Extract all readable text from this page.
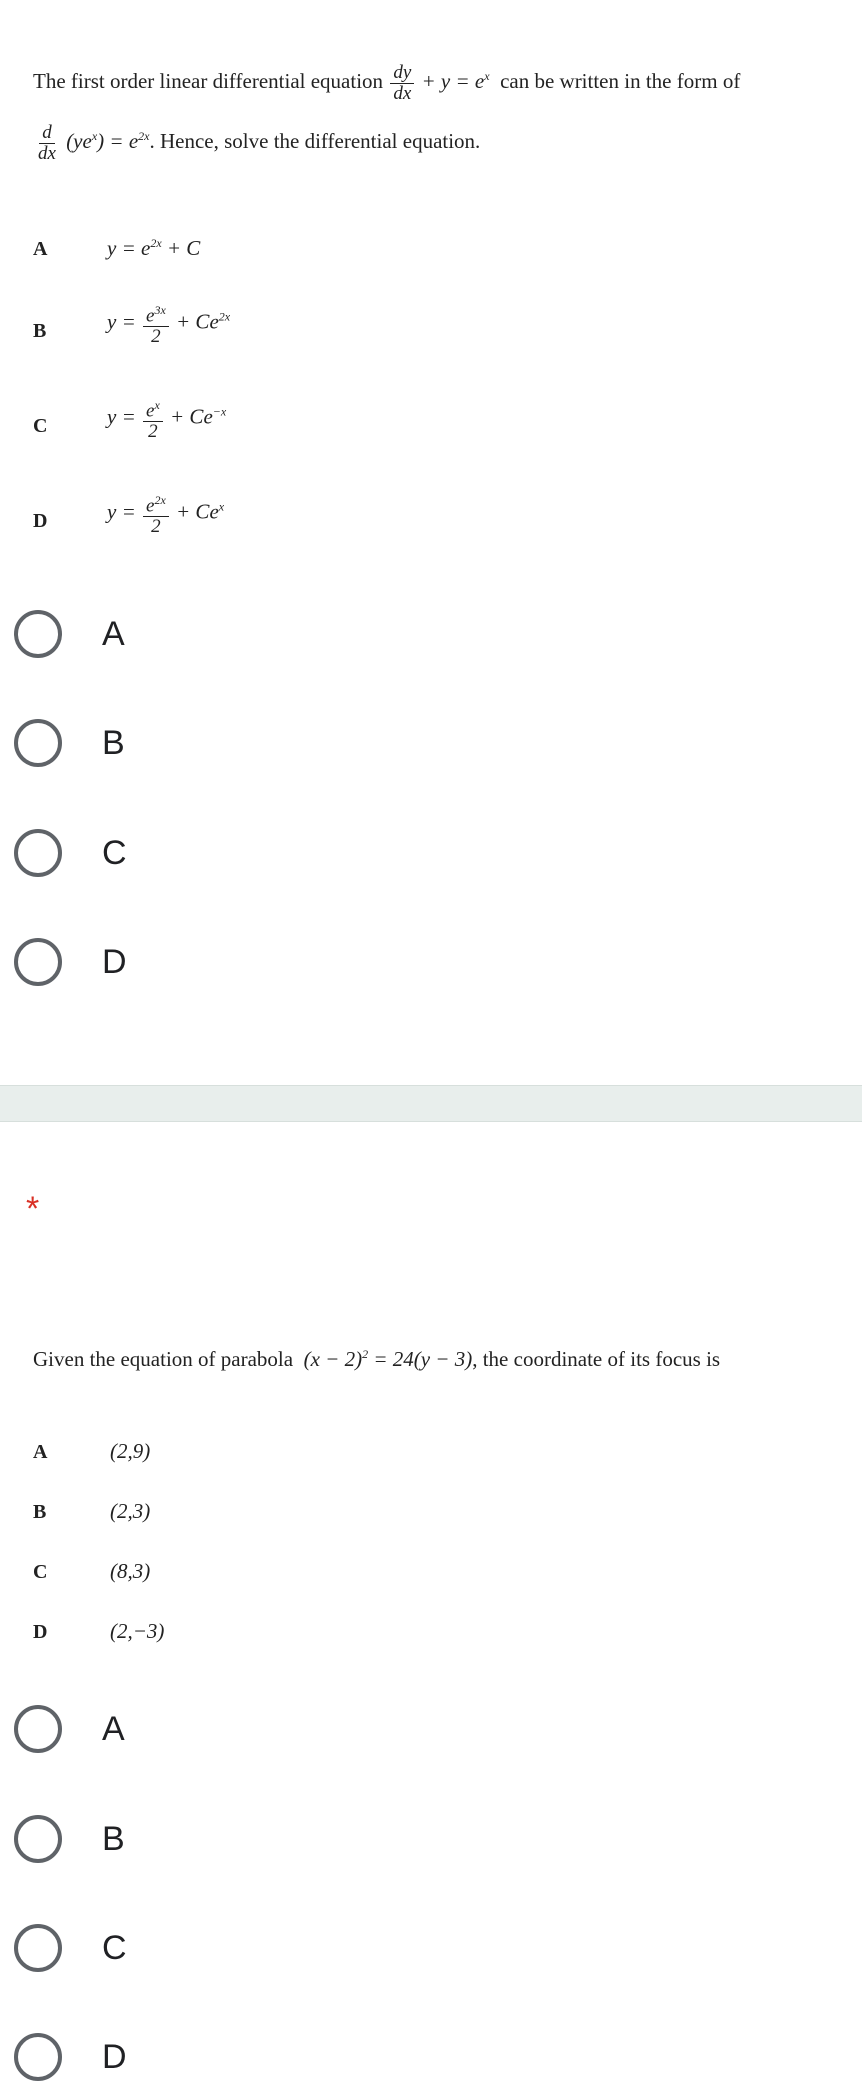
The first order linear differential equation $\frac{dy}{dx} + y = e^x$ can be written in the form of
$\frac{d}{dx} (ye^x) = e^{2x}$. Hence, solve the differential equation.
A	$y = e^{2x} + C$
B	$y = \frac{e^{3x}}{2} + Ce^{2x}$
C	$y = \frac{e^x}{2} + Ce^{-x}$
D	$y = \frac{e^{2x}}{2} + Ce^x$
A
B
C
D
*
Given the equation of parabola $(x - 2)^2 = 24(y - 3)$, the coordinate of its focus is
A	(2,9)
B	(2,3)
C	(8,3)
D	(2,−3)
A
B
C
D
